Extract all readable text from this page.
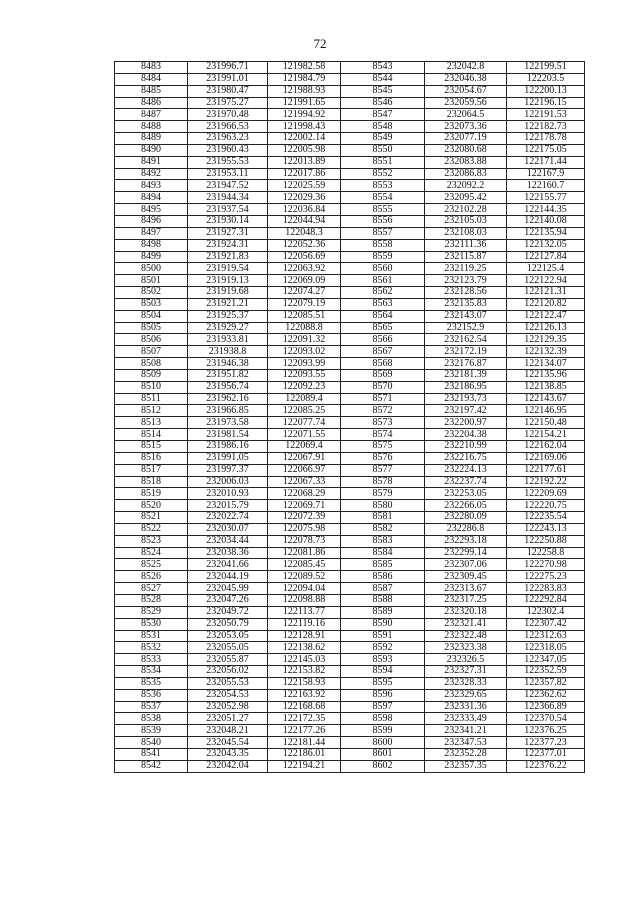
72
8483	231996.71	121982.58	8543	232042.8	122199.51
8484	231991.01	121984.79	8544	232046.38	122203.5
8485	231980.47	121988.93	8545	232054.67	122200.13
8486	231975.27	121991.65	8546	232059.56	122196.15
8487	231970.48	121994.92	8547	232064.5	122191.53
8488	231966.53	121998.43	8548	232073.36	122182.73
8489	231963.23	122002.14	8549	232077.19	122178.78
8490	231960.43	122005.98	8550	232080.68	122175.05
8491	231955.53	122013.89	8551	232083.88	122171.44
8492	231953.11	122017.86	8552	232086.83	122167.9
8493	231947.52	122025.59	8553	232092.2	122160.7
8494	231944.34	122029.36	8554	232095.42	122155.77
8495	231937.54	122036.84	8555	232102.28	122144.35
8496	231930.14	122044.94	8556	232105.03	122140.08
8497	231927.31	122048.3	8557	232108.03	122135.94
8498	231924.31	122052.36	8558	232111.36	122132.05
8499	231921.83	122056.69	8559	232115.87	122127.84
8500	231919.54	122063.92	8560	232119.25	122125.4
8501	231919.13	122069.09	8561	232123.79	122122.94
8502	231919.68	122074.27	8562	232128.56	122121.31
8503	231921.21	122079.19	8563	232135.83	122120.82
8504	231925.37	122085.51	8564	232143.07	122122.47
8505	231929.27	122088.8	8565	232152.9	122126.13
8506	231933.81	122091.32	8566	232162.54	122129.35
8507	231938.8	122093.02	8567	232172.19	122132.39
8508	231946.38	122093.99	8568	232176.87	122134.07
8509	231951.82	122093.55	8569	232181.39	122135.96
8510	231956.74	122092.23	8570	232186.95	122138.85
8511	231962.16	122089.4	8571	232193.73	122143.67
8512	231966.85	122085.25	8572	232197.42	122146.95
8513	231973.58	122077.74	8573	232200.97	122150.48
8514	231981.54	122071.55	8574	232204.38	122154.21
8515	231986.16	122069.4	8575	232210.99	122162.04
8516	231991.05	122067.91	8576	232216.75	122169.06
8517	231997.37	122066.97	8577	232224.13	122177.61
8518	232006.03	122067.33	8578	232237.74	122192.22
8519	232010.93	122068.29	8579	232253.05	122209.69
8520	232015.79	122069.71	8580	232266.05	122220.75
8521	232022.74	122072.39	8581	232280.09	122235.54
8522	232030.07	122075.98	8582	232286.8	122243.13
8523	232034.44	122078.73	8583	232293.18	122250.88
8524	232038.36	122081.86	8584	232299.14	122258.8
8525	232041.66	122085.45	8585	232307.06	122270.98
8526	232044.19	122089.52	8586	232309.45	122275.23
8527	232045.99	122094.04	8587	232313.67	122283.83
8528	232047.26	122098.88	8588	232317.25	122292.84
8529	232049.72	122113.77	8589	232320.18	122302.4
8530	232050.79	122119.16	8590	232321.41	122307.42
8531	232053.05	122128.91	8591	232322.48	122312.63
8532	232055.05	122138.62	8592	232323.38	122318.05
8533	232055.87	122145.03	8593	232326.5	122347.05
8534	232056.02	122153.82	8594	232327.31	122352.59
8535	232055.53	122158.93	8595	232328.33	122357.82
8536	232054.53	122163.92	8596	232329.65	122362.62
8537	232052.98	122168.68	8597	232331.36	122366.89
8538	232051.27	122172.35	8598	232333.49	122370.54
8539	232048.21	122177.26	8599	232341.21	122376.25
8540	232045.54	122181.44	8600	232347.53	122377.23
8541	232043.35	122186.01	8601	232352.28	122377.01
8542	232042.04	122194.21	8602	232357.35	122376.22
